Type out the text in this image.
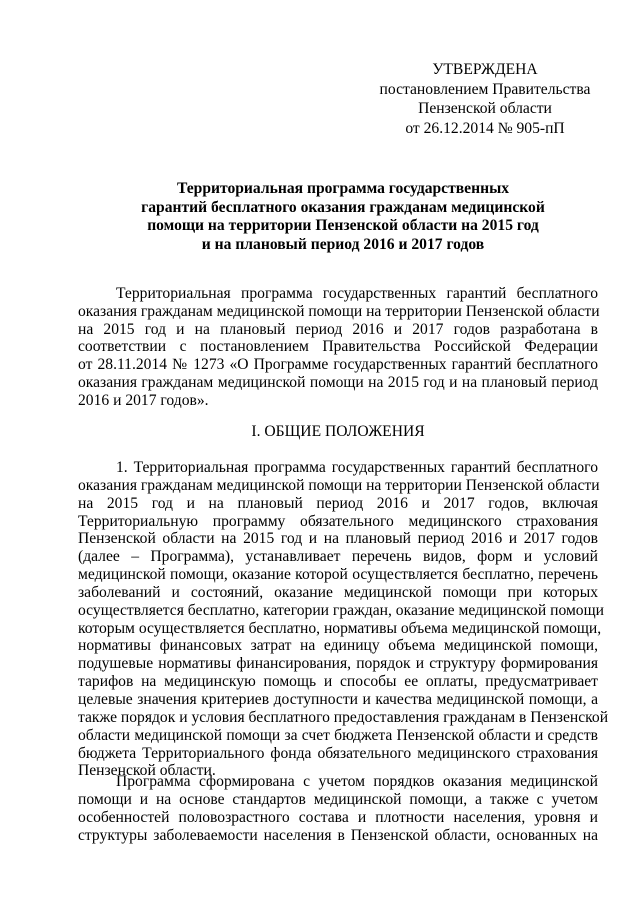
УТВЕРЖДЕНА
постановлением Правительства
Пензенской области
от 26.12.2014 № 905-пП
Территориальная программа государственных
гарантий бесплатного оказания гражданам медицинской
помощи на территории Пензенской области на 2015 год
и на плановый период 2016 и 2017 годов
Территориальная программа государственных гарантий бесплатного
оказания гражданам медицинской помощи на территории Пензенской области
на 2015 год и на плановый период 2016 и 2017 годов разработана в
соответствии с постановлением Правительства Российской Федерации
от 28.11.2014 № 1273 «О Программе государственных гарантий бесплатного
оказания гражданам медицинской помощи на 2015 год и на плановый период
2016 и 2017 годов».
I. ОБЩИЕ ПОЛОЖЕНИЯ
1. Территориальная программа государственных гарантий бесплатного
оказания гражданам медицинской помощи на территории Пензенской области
на 2015 год и на плановый период 2016 и 2017 годов, включая
Территориальную программу обязательного медицинского страхования
Пензенской области на 2015 год и на плановый период 2016 и 2017 годов
(далее – Программа), устанавливает перечень видов, форм и условий
медицинской помощи, оказание которой осуществляется бесплатно, перечень
заболеваний и состояний, оказание медицинской помощи при которых
осуществляется бесплатно, категории граждан, оказание медицинской помощи
которым осуществляется бесплатно, нормативы объема медицинской помощи,
нормативы финансовых затрат на единицу объема медицинской помощи,
подушевые нормативы финансирования, порядок и структуру формирования
тарифов на медицинскую помощь и способы ее оплаты, предусматривает
целевые значения критериев доступности и качества медицинской помощи, а
также порядок и условия бесплатного предоставления гражданам в Пензенской
области медицинской помощи за счет бюджета Пензенской области и средств
бюджета Территориального фонда обязательного медицинского страхования
Пензенской области.
Программа сформирована с учетом порядков оказания медицинской
помощи и на основе стандартов медицинской помощи, а также с учетом
особенностей половозрастного состава и плотности населения, уровня и
структуры заболеваемости населения в Пензенской области, основанных на
